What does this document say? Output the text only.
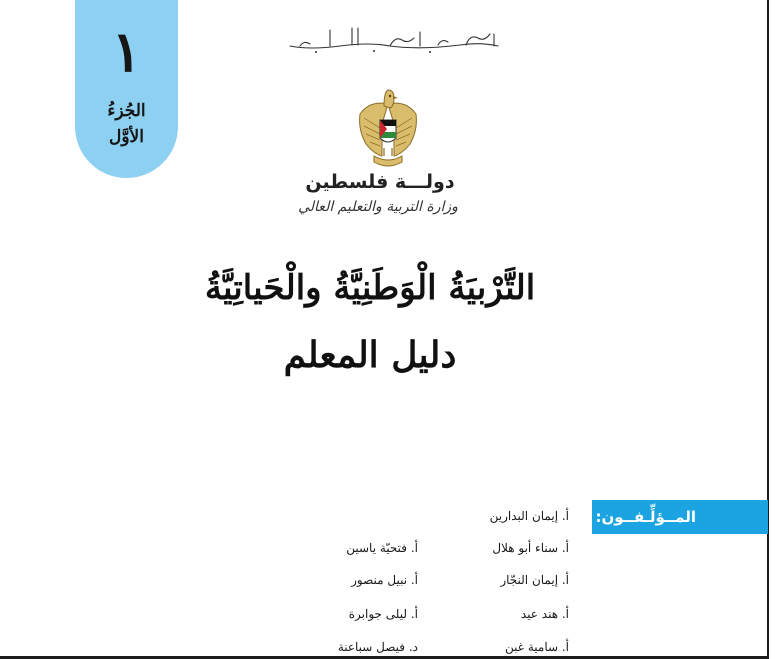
١
الجُزءُ
الأوَّل
دولـــة فلسطين
وزارة التربية والتعليم العالي
التَّرْبيَةُ الْوَطَنِيَّةُ والْحَياتِيَّةُ
دليل المعلم
المــؤلِّـفــون:
أ. إيمان البدارين
أ. سناء أبو هلال
أ. إيمان النجّار
أ. هند عيد
أ. سامية غبن
أ. فتحيّة ياسين
أ. نبيل منصور
أ. ليلى جوابرة
د. فيصل سباعنة
